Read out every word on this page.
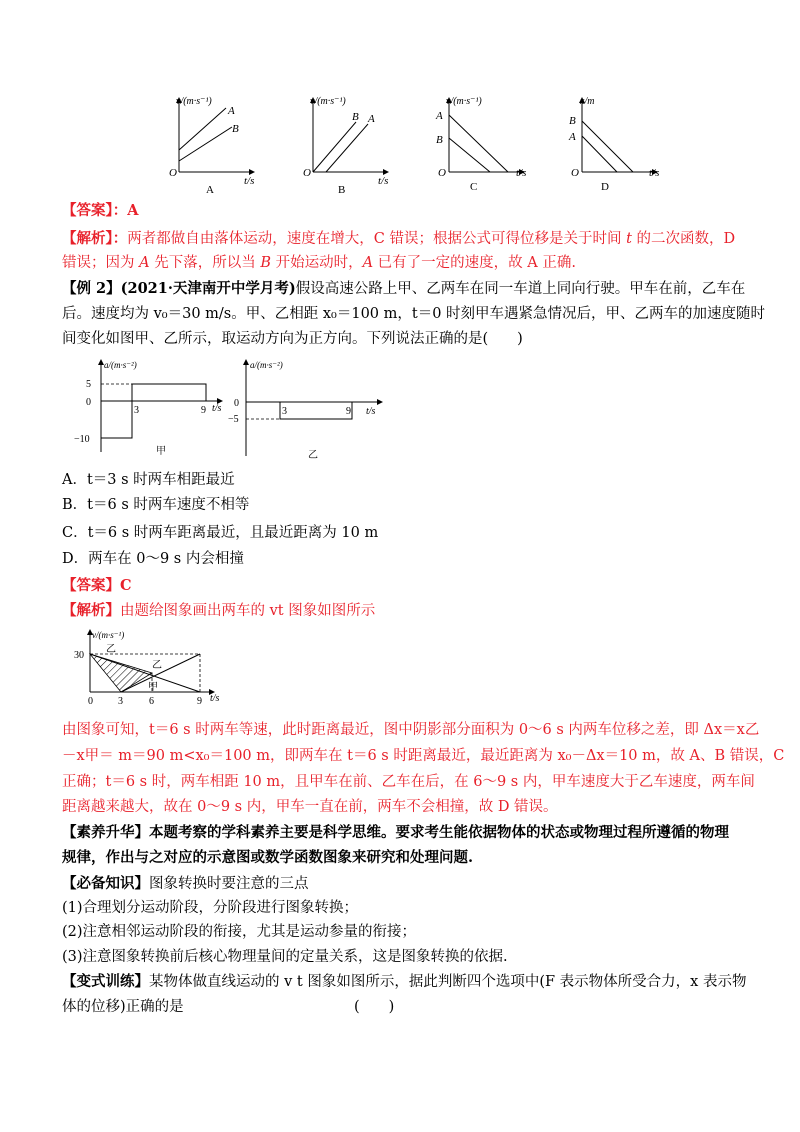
v/(m·s⁻¹)
A
B
O
t/s
A
v/(m·s⁻¹)
B A
O
t/s
B
v/(m·s⁻¹)
A
B
O	t/s
C
x/m
B
A
O	t/s
D
【答案】：A
【解析】：两者都做自由落体运动，速度在增大，C 错误；根据公式可得位移是关于时间 t 的二次函数，D
错误；因为 A 先下落，所以当 B 开始运动时，A 已有了一定的速度，故 A 正确.
【例 2】(2021·天津南开中学月考)假设高速公路上甲、乙两车在同一车道上同向行驶。甲车在前，乙车在
后。速度均为 v₀＝30 m/s。甲、乙相距 x₀＝100 m，t＝0 时刻甲车遇紧急情况后，甲、乙两车的加速度随时
间变化如图甲、乙所示，取运动方向为正方向。下列说法正确的是(　　)
a/(m·s⁻²)
5
0
−10
3	9 t/s
甲
a/(m·s⁻²)
0
−5
3	9 t/s
乙
A．t＝3 s 时两车相距最近
B．t＝6 s 时两车速度不相等
C．t＝6 s 时两车距离最近，且最近距离为 10 m
D．两车在 0～9 s 内会相撞
【答案】C
【解析】由题给图象画出两车的 vt 图象如图所示
v/(m·s⁻¹)
30
乙
乙
甲
0	3	6	9 t/s
由图象可知，t＝6 s 时两车等速，此时距离最近，图中阴影部分面积为 0～6 s 内两车位移之差，即 Δx＝x乙
－x甲＝ m＝90 m<x₀＝100 m，即两车在 t＝6 s 时距离最近，最近距离为 x₀－Δx＝10 m，故 A、B 错误，C
正确；t＝6 s 时，两车相距 10 m，且甲车在前、乙车在后，在 6～9 s 内，甲车速度大于乙车速度，两车间
距离越来越大，故在 0～9 s 内，甲车一直在前，两车不会相撞，故 D 错误。
【素养升华】本题考察的学科素养主要是科学思维。要求考生能依据物体的状态或物理过程所遵循的物理
规律，作出与之对应的示意图或数学函数图象来研究和处理问题.
【必备知识】图象转换时要注意的三点
(1)合理划分运动阶段，分阶段进行图象转换；
(2)注意相邻运动阶段的衔接，尤其是运动参量的衔接；
(3)注意图象转换前后核心物理量间的定量关系，这是图象转换的依据.
【变式训练】某物体做直线运动的 v t 图象如图所示，据此判断四个选项中(F 表示物体所受合力，x 表示物
体的位移)正确的是	(　　)
